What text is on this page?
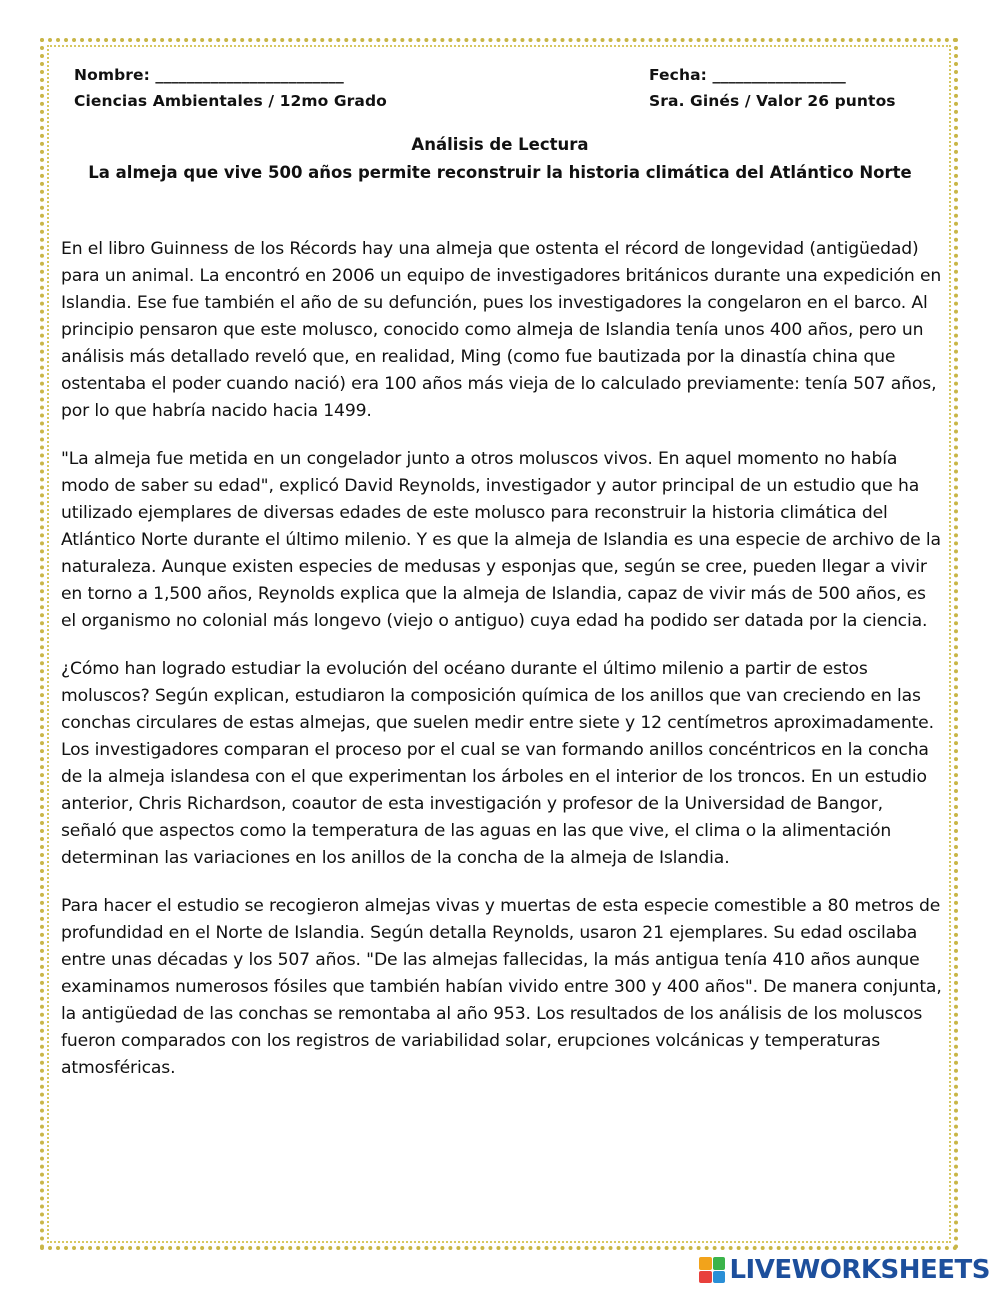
Nombre: ________________________
Ciencias Ambientales / 12mo Grado
Fecha: _________________
Sra. Ginés / Valor 26 puntos
Análisis de Lectura
La almeja que vive 500 años permite reconstruir la historia climática del Atlántico Norte

En el libro Guinness de los Récords hay una almeja que ostenta el récord de longevidad (antigüedad) para un animal. La encontró en 2006 un equipo de investigadores británicos durante una expedición en Islandia. Ese fue también el año de su defunción, pues los investigadores la congelaron en el barco. Al principio pensaron que este molusco, conocido como almeja de Islandia tenía unos 400 años, pero un análisis más detallado reveló que, en realidad, Ming (como fue bautizada por la dinastía china que ostentaba el poder cuando nació) era 100 años más vieja de lo calculado previamente: tenía 507 años, por lo que habría nacido hacia 1499.

"La almeja fue metida en un congelador junto a otros moluscos vivos. En aquel momento no había modo de saber su edad", explicó David Reynolds, investigador y autor principal de un estudio que ha utilizado ejemplares de diversas edades de este molusco para reconstruir la historia climática del Atlántico Norte durante el último milenio. Y es que la almeja de Islandia es una especie de archivo de la naturaleza. Aunque existen especies de medusas y esponjas que, según se cree, pueden llegar a vivir en torno a 1,500 años, Reynolds explica que la almeja de Islandia, capaz de vivir más de 500 años, es el organismo no colonial más longevo (viejo o antiguo) cuya edad ha podido ser datada por la ciencia.

¿Cómo han logrado estudiar la evolución del océano durante el último milenio a partir de estos moluscos? Según explican, estudiaron la composición química de los anillos que van creciendo en las conchas circulares de estas almejas, que suelen medir entre siete y 12 centímetros aproximadamente. Los investigadores comparan el proceso por el cual se van formando anillos concéntricos en la concha de la almeja islandesa con el que experimentan los árboles en el interior de los troncos. En un estudio anterior, Chris Richardson, coautor de esta investigación y profesor de la Universidad de Bangor, señaló que aspectos como la temperatura de las aguas en las que vive, el clima o la alimentación determinan las variaciones en los anillos de la concha de la almeja de Islandia.

Para hacer el estudio se recogieron almejas vivas y muertas de esta especie comestible a 80 metros de profundidad en el Norte de Islandia. Según detalla Reynolds, usaron 21 ejemplares. Su edad oscilaba entre unas décadas y los 507 años. "De las almejas fallecidas, la más antigua tenía 410 años aunque examinamos numerosos fósiles que también habían vivido entre 300 y 400 años". De manera conjunta, la antigüedad de las conchas se remontaba al año 953. Los resultados de los análisis de los moluscos fueron comparados con los registros de variabilidad solar, erupciones volcánicas y temperaturas atmosféricas.

LIVEWORKSHEETS
